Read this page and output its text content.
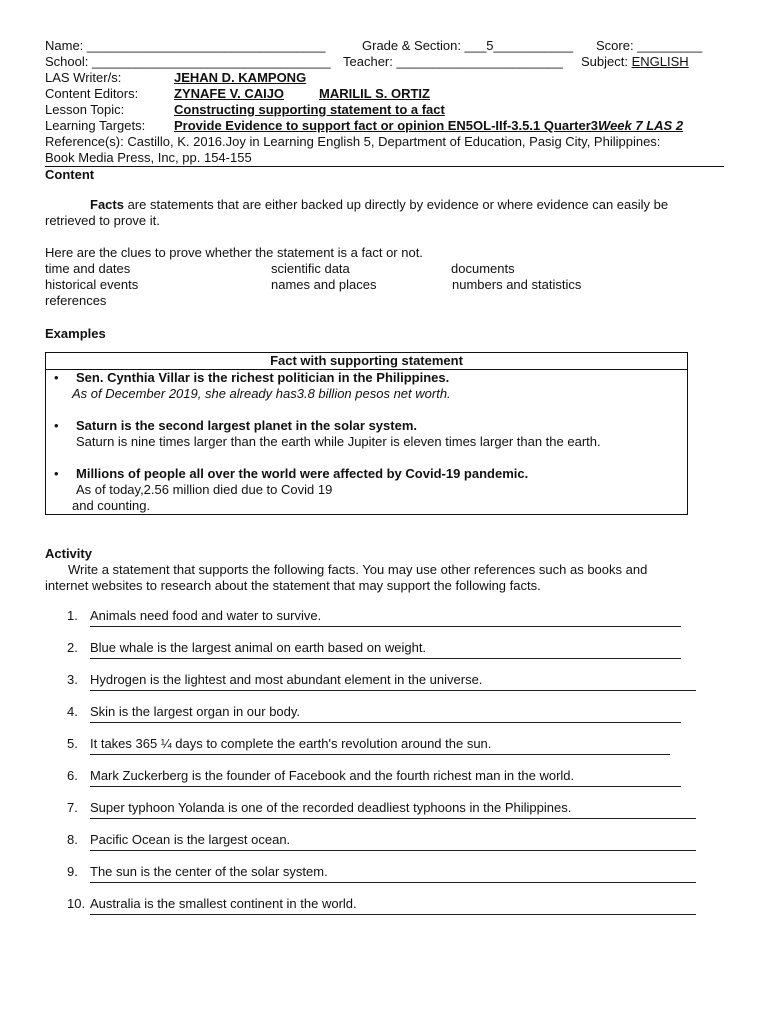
Name: _________________________________	Grade & Section: ___5___________ Score: _________
School: _________________________________ Teacher: _______________________ Subject: ENGLISH
LAS Writer/s:	JEHAN D. KAMPONG
Content Editors:	ZYNAFE V. CAIJO	MARILIL S. ORTIZ
Lesson Topic:	Constructing supporting statement to a fact
Learning Targets: Provide Evidence to support fact or opinion EN5OL-IIf-3.5.1 Quarter3Week 7 LAS 2
Reference(s): Castillo, K. 2016.Joy in Learning English 5, Department of Education, Pasig City, Philippines:
Book Media Press, Inc, pp. 154-155
Content
Facts are statements that are either backed up directly by evidence or where evidence can easily be
retrieved to prove it.
Here are the clues to prove whether the statement is a fact or not.
time and dates	scientific data	documents
historical events	names and places	numbers and statistics
references
Examples
Fact with supporting statement
• Sen. Cynthia Villar is the richest politician in the Philippines.
As of December 2019, she already has3.8 billion pesos net worth.
• Saturn is the second largest planet in the solar system.
Saturn is nine times larger than the earth while Jupiter is eleven times larger than the earth.
• Millions of people all over the world were affected by Covid-19 pandemic.
As of today,2.56 million died due to Covid 19
and counting.
Activity
Write a statement that supports the following facts. You may use other references such as books and
internet websites to research about the statement that may support the following facts.
1. Animals need food and water to survive.
2. Blue whale is the largest animal on earth based on weight.
3. Hydrogen is the lightest and most abundant element in the universe.
4. Skin is the largest organ in our body.
5. It takes 365 ¼ days to complete the earth's revolution around the sun.
6. Mark Zuckerberg is the founder of Facebook and the fourth richest man in the world.
7. Super typhoon Yolanda is one of the recorded deadliest typhoons in the Philippines.
8. Pacific Ocean is the largest ocean.
9. The sun is the center of the solar system.
10. Australia is the smallest continent in the world.
